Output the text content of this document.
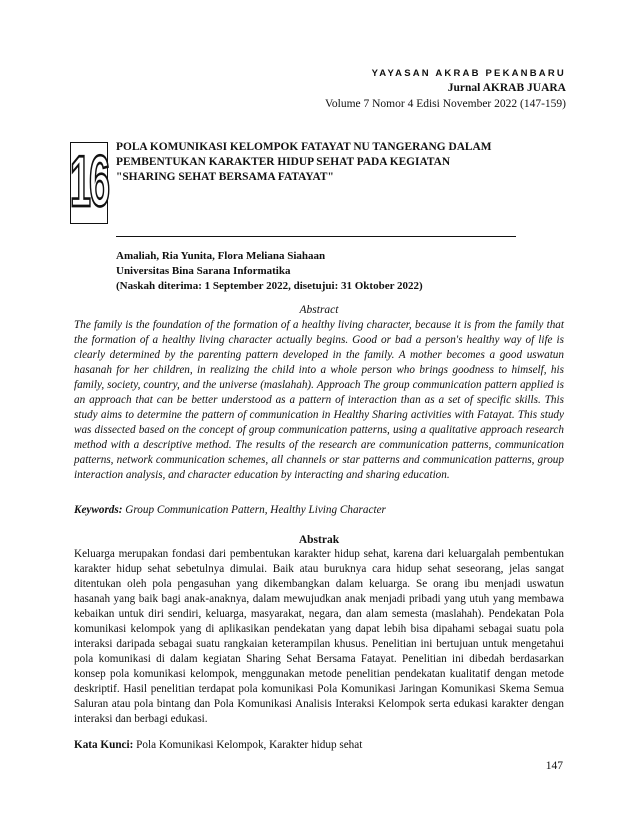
YAYASAN AKRAB PEKANBARU
Jurnal AKRAB JUARA
Volume 7 Nomor 4 Edisi November 2022 (147-159)
16 POLA KOMUNIKASI KELOMPOK FATAYAT NU TANGERANG DALAM
PEMBENTUKAN KARAKTER HIDUP SEHAT PADA KEGIATAN
"SHARING SEHAT BERSAMA FATAYAT"
Amaliah, Ria Yunita, Flora Meliana Siahaan
Universitas Bina Sarana Informatika
(Naskah diterima: 1 September 2022, disetujui: 31 Oktober 2022)
Abstract
The family is the foundation of the formation of a healthy living character, because it is from the family that the formation of a healthy living character actually begins. Good or bad a person's healthy way of life is clearly determined by the parenting pattern developed in the family. A mother becomes a good uswatun hasanah for her children, in realizing the child into a whole person who brings goodness to himself, his family, society, country, and the universe (maslahah). Approach The group communication pattern applied is an approach that can be better understood as a pattern of interaction than as a set of specific skills. This study aims to determine the pattern of communication in Healthy Sharing activities with Fatayat. This study was dissected based on the concept of group communication patterns, using a qualitative approach research method with a descriptive method. The results of the research are communication patterns, communication patterns, network communication schemes, all channels or star patterns and communication patterns, group interaction analysis, and character education by interacting and sharing education.
Keywords: Group Communication Pattern, Healthy Living Character
Abstrak
Keluarga merupakan fondasi dari pembentukan karakter hidup sehat, karena dari keluargalah pembentukan karakter hidup sehat sebetulnya dimulai. Baik atau buruknya cara hidup sehat seseorang, jelas sangat ditentukan oleh pola pengasuhan yang dikembangkan dalam keluarga. Se orang ibu menjadi uswatun hasanah yang baik bagi anak-anaknya, dalam mewujudkan anak menjadi pribadi yang utuh yang membawa kebaikan untuk diri sendiri, keluarga, masyarakat, negara, dan alam semesta (maslahah). Pendekatan Pola komunikasi kelompok yang di aplikasikan pendekatan yang dapat lebih bisa dipahami sebagai suatu pola interaksi daripada sebagai suatu rangkaian keterampilan khusus. Penelitian ini bertujuan untuk mengetahui pola komunikasi di dalam kegiatan Sharing Sehat Bersama Fatayat. Penelitian ini dibedah berdasarkan konsep pola komunikasi kelompok, menggunakan metode penelitian pendekatan kualitatif dengan metode deskriptif. Hasil penelitian terdapat pola komunikasi Pola Komunikasi Jaringan Komunikasi Skema Semua Saluran atau pola bintang dan Pola Komunikasi Analisis Interaksi Kelompok serta edukasi karakter dengan interaksi dan berbagi edukasi.
Kata Kunci: Pola Komunikasi Kelompok, Karakter hidup sehat
147
